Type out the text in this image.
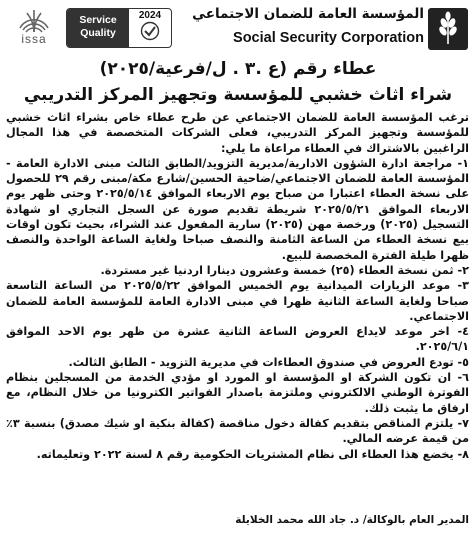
issa
Service
Quality
2024	المؤسسة العامة للضمان الاجتماعي
Social Security Corporation
عطاء رقم (ع .٣ . ل/فرعية/٢٠٢٥)
شراء اثاث خشبي للمؤسسة وتجهيز المركز التدريبي

ترغب المؤسسة العامة للضمان الاجتماعي عن طرح عطاء خاص بشراء اثاث خشبي للمؤسسة وتجهيز المركز التدريبي، فعلى الشركات المتخصصة في هذا المجال الراغبين بالاشتراك في العطاء مراعاة ما يلي:

١- مراجعة ادارة الشؤون الادارية/مديرية التزويد/الطابق الثالث مبنى الادارة العامة - المؤسسة العامة للضمان الاجتماعي/ضاحية الحسين/شارع مكة/مبنى رقم ٢٩ للحصول على نسخة العطاء اعتبارا من صباح يوم الاربعاء الموافق ٢٠٢٥/٥/١٤ وحتى ظهر يوم الاربعاء الموافق ٢٠٢٥/٥/٢١ شريطة تقديم صورة عن السجل التجاري او شهادة التسجيل (٢٠٢٥) ورخصة مهن (٢٠٢٥) سارية المفعول عند الشراء، بحيث تكون اوقات بيع نسخة العطاء من الساعة الثامنة والنصف صباحا ولغاية الساعة الواحدة والنصف ظهرا طيلة الفترة المخصصة للبيع.

٢- ثمن نسخة العطاء (٢٥) خمسة وعشرون دينارا اردنيا غير مستردة.

٣- موعد الزيارات الميدانية يوم الخميس الموافق ٢٠٢٥/٥/٢٢ من الساعة التاسعة صباحا ولغاية الساعة الثانية ظهرا في مبنى الادارة العامة للمؤسسة العامة للضمان الاجتماعي.

٤- اخر موعد لايداع العروض الساعة الثانية عشرة من ظهر يوم الاحد الموافق ٢٠٢٥/٦/١.

٥- تودع العروض في صندوق العطاءات في مديرية التزويد - الطابق الثالث.

٦- ان تكون الشركة او المؤسسة او المورد او مؤدي الخدمة من المسجلين بنظام الفوترة الوطني الالكتروني وملتزمة باصدار الفواتير الكترونيا من خلال النظام، مع ارفاق ما يثبت ذلك.

٧- يلتزم المناقص بتقديم كفالة دخول مناقصة (كفالة بنكية او شيك مصدق) بنسبة ٣٪ من قيمة عرضه المالي.

٨- يخضع هذا العطاء الى نظام المشتريات الحكومية رقم ٨ لسنة ٢٠٢٢ وتعليماته.

المدير العام بالوكالة/ د. جاد الله محمد الخلايلة
